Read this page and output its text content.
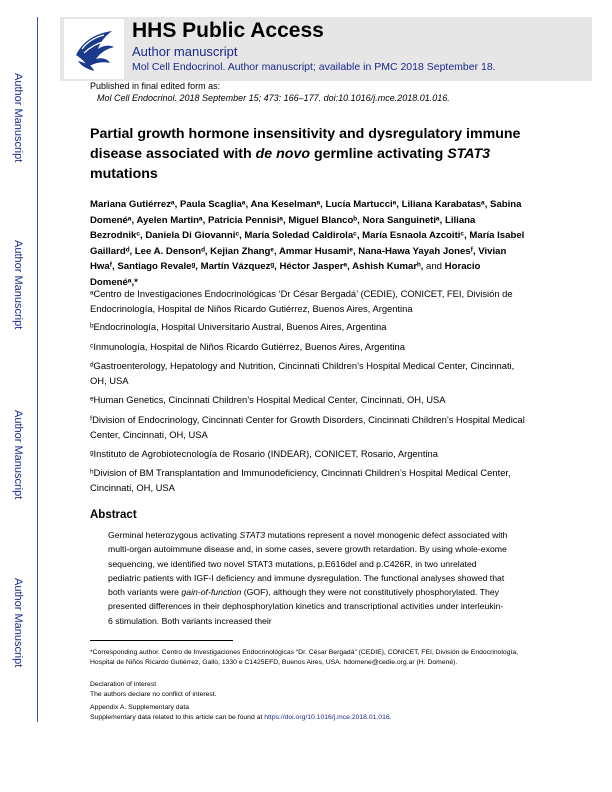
Author Manuscript
Author Manuscript
Author Manuscript
Author Manuscript
HHS Public Access
Author manuscript
Mol Cell Endocrinol. Author manuscript; available in PMC 2018 September 18.
Published in final edited form as:
Mol Cell Endocrinol. 2018 September 15; 473: 166–177. doi:10.1016/j.mce.2018.01.016.
Partial growth hormone insensitivity and dysregulatory immune disease associated with de novo germline activating STAT3 mutations
Mariana Gutiérrezᵃ, Paula Scagliaᵃ, Ana Keselmanᵃ, Lucía Martucciᵃ, Liliana Karabatasᵃ, Sabina Domenéᵃ, Ayelen Martinᵃ, Patricia Pennisiᵃ, Miguel Blancoᵇ, Nora Sanguinetiᵃ, Liliana Bezrodnikᶜ, Daniela Di Giovanniᶜ, María Soledad Caldirolaᶜ, María Esnaola Azcoitiᶜ, María Isabel Gaillardᵈ, Lee A. Densonᵈ, Kejian Zhangᵉ, Ammar Husamiᵉ, Nana-Hawa Yayah Jonesᶠ, Vivian Hwaᶠ, Santiago Revaleᵍ, Martín Vázquezᵍ, Héctor Jasperᵃ, Ashish Kumarʰ, and Horacio Domenéᵃ,*
ᵃCentro de Investigaciones Endocrinológicas ‘Dr César Bergadá’ (CEDIE), CONICET, FEI, División de Endocrinología, Hospital de Niños Ricardo Gutiérrez, Buenos Aires, Argentina
ᵇEndocrinología, Hospital Universitario Austral, Buenos Aires, Argentina
ᶜInmunología, Hospital de Niños Ricardo Gutiérrez, Buenos Aires, Argentina
ᵈGastroenterology, Hepatology and Nutrition, Cincinnati Children’s Hospital Medical Center, Cincinnati, OH, USA
ᵉHuman Genetics, Cincinnati Children’s Hospital Medical Center, Cincinnati, OH, USA
ᶠDivision of Endocrinology, Cincinnati Center for Growth Disorders, Cincinnati Children’s Hospital Medical Center, Cincinnati, OH, USA
ᵍInstituto de Agrobiotecnología de Rosario (INDEAR), CONICET, Rosario, Argentina
ʰDivision of BM Transplantation and Immunodeficiency, Cincinnati Children’s Hospital Medical Center, Cincinnati, OH, USA
Abstract
Germinal heterozygous activating STAT3 mutations represent a novel monogenic defect associated with multi-organ autoimmune disease and, in some cases, severe growth retardation. By using whole-exome sequencing, we identified two novel STAT3 mutations, p.E616del and p.C426R, in two unrelated pediatric patients with IGF-I deficiency and immune dysregulation. The functional analyses showed that both variants were gain-of-function (GOF), although they were not constitutively phosphorylated. They presented differences in their dephosphorylation kinetics and transcriptional activities under interleukin-6 stimulation. Both variants increased their
*Corresponding author. Centro de Investigaciones Endocrinológicas “Dr. César Bergadá” (CEDIE), CONICET, FEI, División de Endocrinología, Hospital de Niños Ricardo Gutiérrez, Gallo, 1330 e C1425EFD, Buenos Aires, USA. hdomene@cedie.org.ar (H. Domené).
Declaration of interest
The authors declare no conflict of interest.
Appendix A. Supplementary data
Supplementary data related to this article can be found at https://doi.org/10.1016/j.mce.2018.01.016.
